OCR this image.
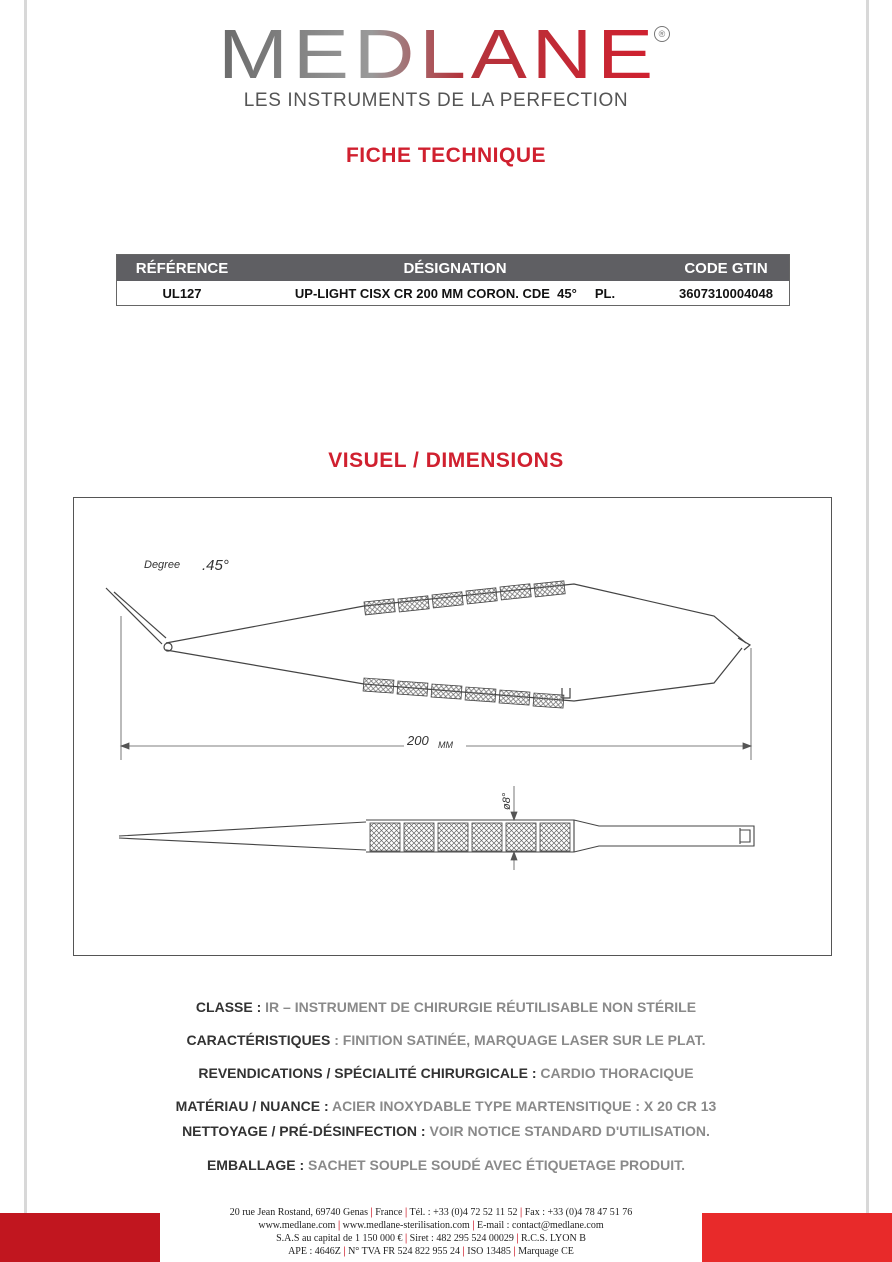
MEDLANE ®
LES INSTRUMENTS DE LA PERFECTION
FICHE TECHNIQUE
RÉFÉRENCE	DÉSIGNATION	CODE GTIN
UL127	UP-LIGHT CISX CR 200 MM CORON. CDE  45°     PL.	3607310004048
VISUEL / DIMENSIONS
Degree .45°
200 MM
ø8°
CLASSE : IR – INSTRUMENT DE CHIRURGIE RÉUTILISABLE NON STÉRILE
CARACTÉRISTIQUES : FINITION SATINÉE, MARQUAGE LASER SUR LE PLAT.
REVENDICATIONS / SPÉCIALITÉ CHIRURGICALE : CARDIO THORACIQUE
MATÉRIAU / NUANCE : ACIER INOXYDABLE TYPE MARTENSITIQUE : X 20 CR 13
NETTOYAGE / PRÉ-DÉSINFECTION : VOIR NOTICE STANDARD D'UTILISATION.
EMBALLAGE : SACHET SOUPLE SOUDÉ AVEC ÉTIQUETAGE PRODUIT.
20 rue Jean Rostand, 69740 Genas | France | Tél. : +33 (0)4 72 52 11 52 | Fax : +33 (0)4 78 47 51 76
www.medlane.com | www.medlane-sterilisation.com | E-mail : contact@medlane.com
S.A.S au capital de 1 150 000 € | Siret : 482 295 524 00029 | R.C.S. LYON B
APE : 4646Z | N° TVA FR 524 822 955 24 | ISO 13485 | Marquage CE
